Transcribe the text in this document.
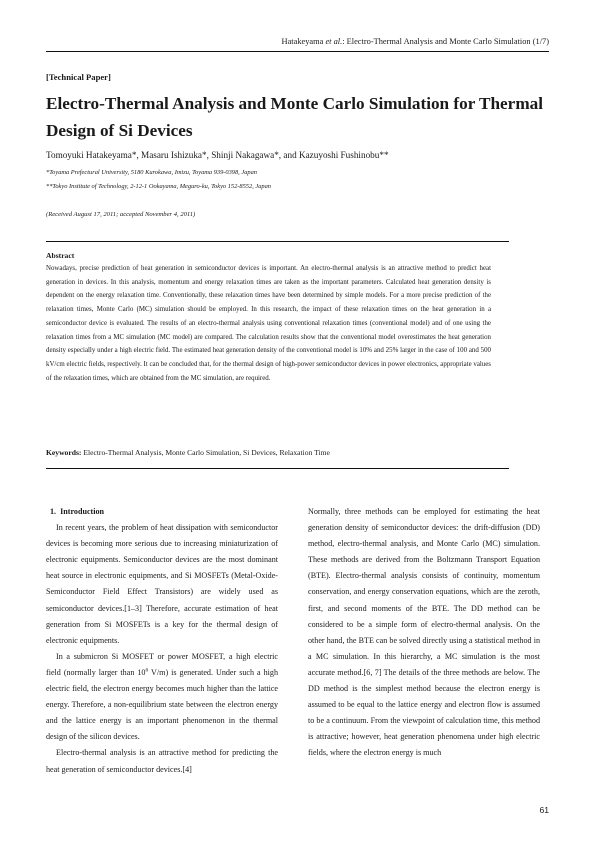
Hatakeyama et al.: Electro-Thermal Analysis and Monte Carlo Simulation (1/7)
[Technical Paper]
Electro-Thermal Analysis and Monte Carlo Simulation for Thermal Design of Si Devices
Tomoyuki Hatakeyama*, Masaru Ishizuka*, Shinji Nakagawa*, and Kazuyoshi Fushinobu**
*Toyama Prefectural University, 5180 Kurokawa, Imizu, Toyama 939-0398, Japan
**Tokyo Institute of Technology, 2-12-1 Ookayama, Meguro-ku, Tokyo 152-8552, Japan
(Received August 17, 2011; accepted November 4, 2011)
Abstract
Nowadays, precise prediction of heat generation in semiconductor devices is important. An electro-thermal analysis is an attractive method to predict heat generation in devices. In this analysis, momentum and energy relaxation times are taken as the important parameters. Calculated heat generation density is dependent on the energy relaxation time. Conventionally, these relaxation times have been determined by simple models. For a more precise prediction of the relaxation times, Monte Carlo (MC) simulation should be employed. In this research, the impact of these relaxation times on the heat generation in a semiconductor device is evaluated. The results of an electro-thermal analysis using conventional relaxation times (conventional model) and of one using the relaxation times from a MC simulation (MC model) are compared. The calculation results show that the conventional model overestimates the heat generation density especially under a high electric field. The estimated heat generation density of the conventional model is 10% and 25% larger in the case of 100 and 500 kV/cm electric fields, respectively. It can be concluded that, for the thermal design of high-power semiconductor devices in power electronics, appropriate values of the relaxation times, which are obtained from the MC simulation, are required.
Keywords: Electro-Thermal Analysis, Monte Carlo Simulation, Si Devices, Relaxation Time

1. Introduction

In recent years, the problem of heat dissipation with semiconductor devices is becoming more serious due to increasing miniaturization of electronic equipments. Semiconductor devices are the most dominant heat source in electronic equipments, and Si MOSFETs (Metal-Oxide-Semiconductor Field Effect Transistors) are widely used as semiconductor devices.[1–3] Therefore, accurate estimation of heat generation from Si MOSFETs is a key for the thermal design of electronic equipments.

In a submicron Si MOSFET or power MOSFET, a high electric field (normally larger than $10^6$ V/m) is generated. Under such a high electric field, the electron energy becomes much higher than the lattice energy. Therefore, a non-equilibrium state between the electron energy and the lattice energy is an important phenomenon in the thermal design of the silicon devices.

Electro-thermal analysis is an attractive method for predicting the heat generation of semiconductor devices.[4]

Normally, three methods can be employed for estimating the heat generation density of semiconductor devices: the drift-diffusion (DD) method, electro-thermal analysis, and Monte Carlo (MC) simulation. These methods are derived from the Boltzmann Transport Equation (BTE). Electro-thermal analysis consists of continuity, momentum conservation, and energy conservation equations, which are the zeroth, first, and second moments of the BTE. The DD method can be considered to be a simple form of electro-thermal analysis. On the other hand, the BTE can be solved directly using a statistical method in a MC simulation. In this hierarchy, a MC simulation is the most accurate method.[6, 7] The details of the three methods are below. The DD method is the simplest method because the electron energy is assumed to be equal to the lattice energy and electron flow is assumed to be a continuum. From the viewpoint of calculation time, this method is attractive; however, heat generation phenomena under high electric fields, where the electron energy is much

61
